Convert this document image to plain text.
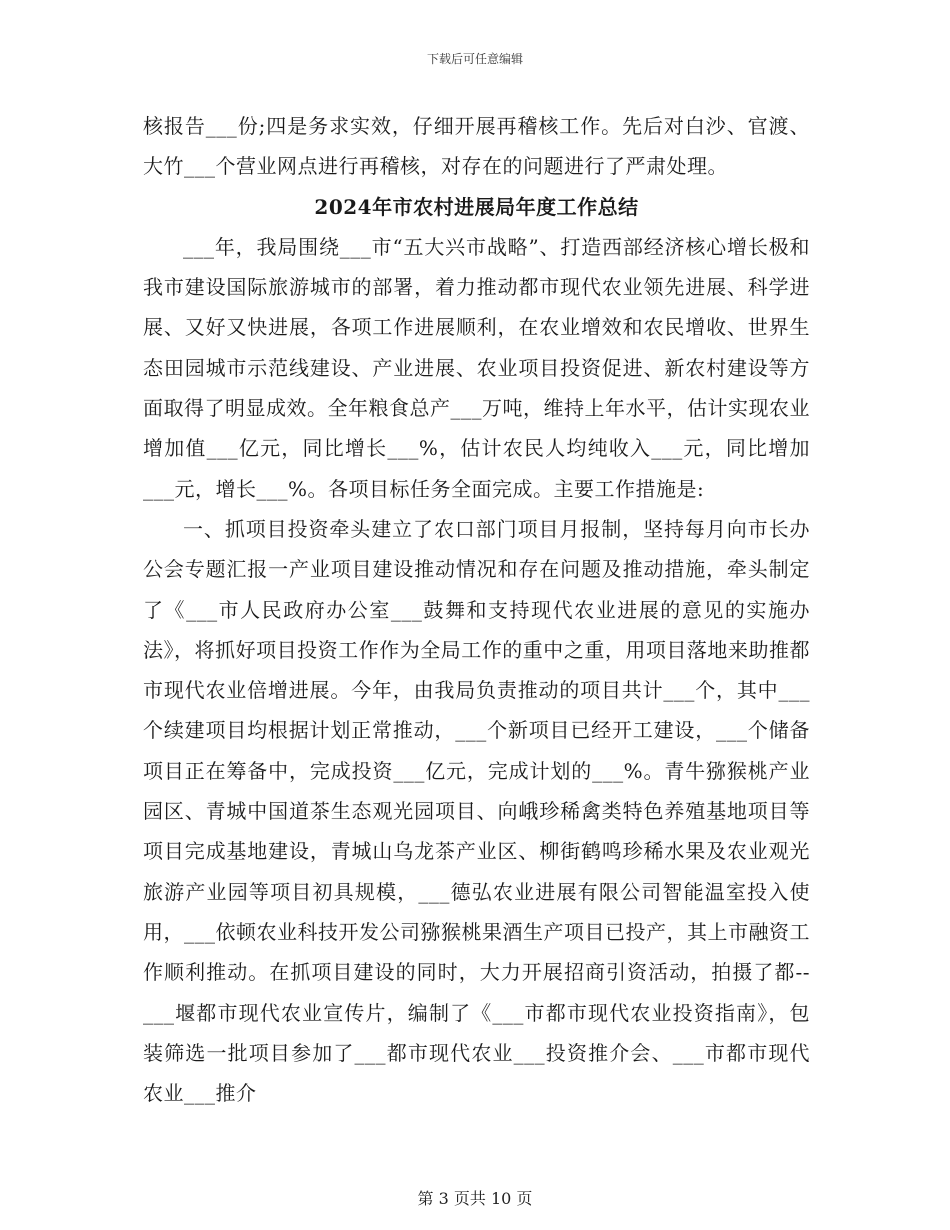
下载后可任意编辑

核报告___份;四是务求实效，仔细开展再稽核工作。先后对白沙、官渡、大竹___个营业网点进行再稽核，对存在的问题进行了严肃处理。

2024年市农村进展局年度工作总结

___年，我局围绕___市“五大兴市战略”、打造西部经济核心增长极和我市建设国际旅游城市的部署，着力推动都市现代农业领先进展、科学进展、又好又快进展，各项工作进展顺利，在农业增效和农民增收、世界生态田园城市示范线建设、产业进展、农业项目投资促进、新农村建设等方面取得了明显成效。全年粮食总产___万吨，维持上年水平，估计实现农业增加值___亿元，同比增长___%，估计农民人均纯收入___元，同比增加___元，增长___%。各项目标任务全面完成。主要工作措施是:

一、抓项目投资牵头建立了农口部门项目月报制，坚持每月向市长办公会专题汇报一产业项目建设推动情况和存在问题及推动措施，牵头制定了《___市人民政府办公室___鼓舞和支持现代农业进展的意见的实施办法》，将抓好项目投资工作作为全局工作的重中之重，用项目落地来助推都市现代农业倍增进展。今年，由我局负责推动的项目共计___个，其中___个续建项目均根据计划正常推动，___个新项目已经开工建设，___个储备项目正在筹备中，完成投资___亿元，完成计划的___%。青牛猕猴桃产业园区、青城中国道茶生态观光园项目、向峨珍稀禽类特色养殖基地项目等项目完成基地建设，青城山乌龙茶产业区、柳街鹤鸣珍稀水果及农业观光旅游产业园等项目初具规模，___德弘农业进展有限公司智能温室投入使用，___依顿农业科技开发公司猕猴桃果酒生产项目已投产，其上市融资工作顺利推动。在抓项目建设的同时，大力开展招商引资活动，拍摄了都--___堰都市现代农业宣传片，编制了《___市都市现代农业投资指南》，包装筛选一批项目参加了___都市现代农业___投资推介会、___市都市现代农业___推介

第 3 页共 10 页
